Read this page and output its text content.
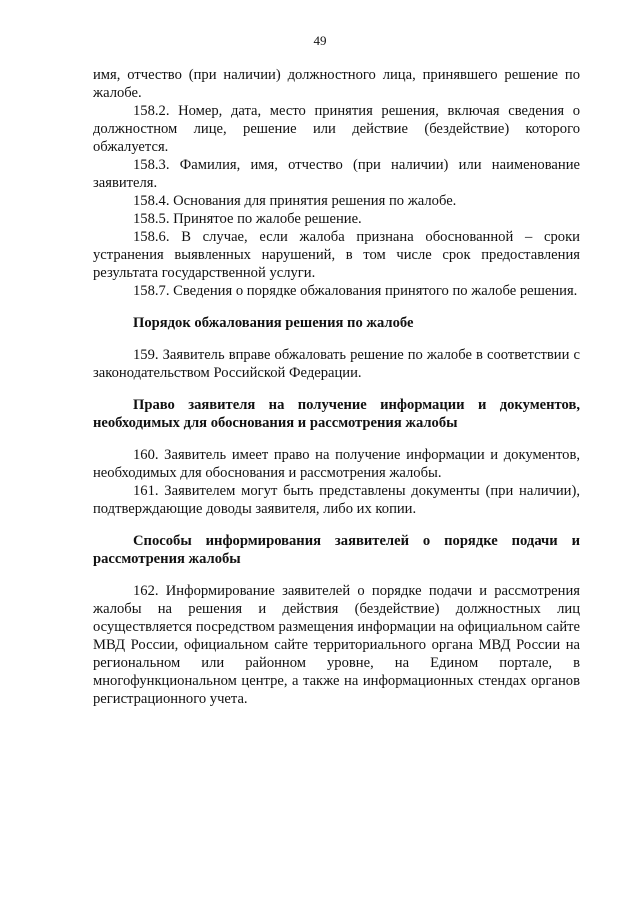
49

имя, отчество (при наличии) должностного лица, принявшего решение по жалобе.

158.2. Номер, дата, место принятия решения, включая сведения о должностном лице, решение или действие (бездействие) которого обжалуется.

158.3. Фамилия, имя, отчество (при наличии) или наименование заявителя.

158.4. Основания для принятия решения по жалобе.

158.5. Принятое по жалобе решение.

158.6. В случае, если жалоба признана обоснованной – сроки устранения выявленных нарушений, в том числе срок предоставления результата государственной услуги.

158.7. Сведения о порядке обжалования принятого по жалобе решения.

Порядок обжалования решения по жалобе

159. Заявитель вправе обжаловать решение по жалобе в соответствии с законодательством Российской Федерации.

Право заявителя на получение информации и документов, необходимых для обоснования и рассмотрения жалобы

160. Заявитель имеет право на получение информации и документов, необходимых для обоснования и рассмотрения жалобы.

161. Заявителем могут быть представлены документы (при наличии), подтверждающие доводы заявителя, либо их копии.

Способы информирования заявителей о порядке подачи и рассмотрения жалобы

162. Информирование заявителей о порядке подачи и рассмотрения жалобы на решения и действия (бездействие) должностных лиц осуществляется посредством размещения информации на официальном сайте МВД России, официальном сайте территориального органа МВД России на региональном или районном уровне, на Едином портале, в многофункциональном центре, а также на информационных стендах органов регистрационного учета.
